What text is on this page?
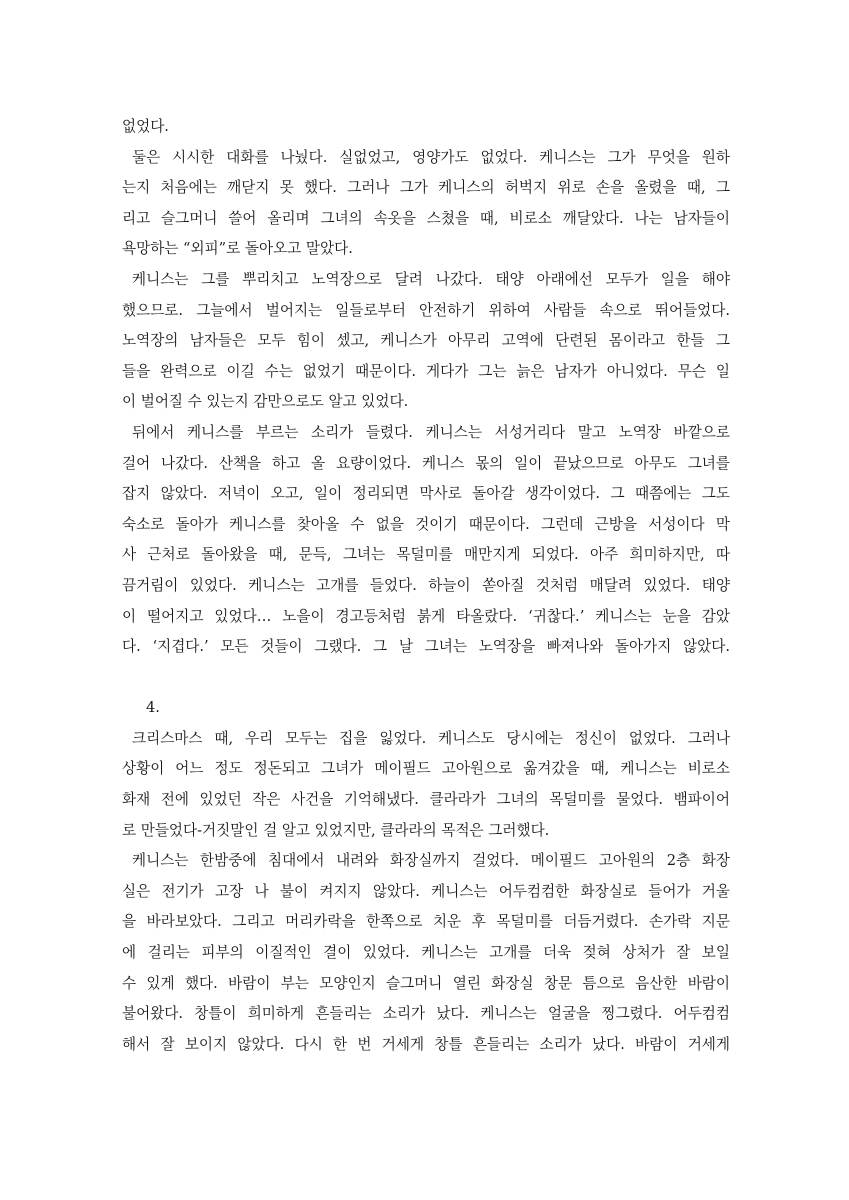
없었다.
둘은 시시한 대화를 나눴다. 실없었고, 영양가도 없었다. 케니스는 그가 무엇을 원하
는지 처음에는 깨닫지 못 했다. 그러나 그가 케니스의 허벅지 위로 손을 올렸을 때, 그
리고 슬그머니 쓸어 올리며 그녀의 속옷을 스쳤을 때, 비로소 깨달았다. 나는 남자들이
욕망하는 “외피”로 돌아오고 말았다.
케니스는 그를 뿌리치고 노역장으로 달려 나갔다. 태양 아래에선 모두가 일을 해야
했으므로. 그늘에서 벌어지는 일들로부터 안전하기 위하여 사람들 속으로 뛰어들었다.
노역장의 남자들은 모두 힘이 셌고, 케니스가 아무리 고역에 단련된 몸이라고 한들 그
들을 완력으로 이길 수는 없었기 때문이다. 게다가 그는 늙은 남자가 아니었다. 무슨 일
이 벌어질 수 있는지 감만으로도 알고 있었다.
뒤에서 케니스를 부르는 소리가 들렸다. 케니스는 서성거리다 말고 노역장 바깥으로
걸어 나갔다. 산책을 하고 올 요량이었다. 케니스 몫의 일이 끝났으므로 아무도 그녀를
잡지 않았다. 저녁이 오고, 일이 정리되면 막사로 돌아갈 생각이었다. 그 때쯤에는 그도
숙소로 돌아가 케니스를 찾아올 수 없을 것이기 때문이다. 그런데 근방을 서성이다 막
사 근처로 돌아왔을 때, 문득, 그녀는 목덜미를 매만지게 되었다. 아주 희미하지만, 따
끔거림이 있었다. 케니스는 고개를 들었다. 하늘이 쏟아질 것처럼 매달려 있었다. 태양
이 떨어지고 있었다… 노을이 경고등처럼 붉게 타올랐다. ‘귀찮다.’ 케니스는 눈을 감았
다. ‘지겹다.’ 모든 것들이 그랬다. 그 날 그녀는 노역장을 빠져나와 돌아가지 않았다.
4.
크리스마스 때, 우리 모두는 집을 잃었다. 케니스도 당시에는 정신이 없었다. 그러나
상황이 어느 정도 정돈되고 그녀가 메이필드 고아원으로 옮겨갔을 때, 케니스는 비로소
화재 전에 있었던 작은 사건을 기억해냈다. 클라라가 그녀의 목덜미를 물었다. 뱀파이어
로 만들었다-거짓말인 걸 알고 있었지만, 클라라의 목적은 그러했다.
케니스는 한밤중에 침대에서 내려와 화장실까지 걸었다. 메이필드 고아원의 2층 화장
실은 전기가 고장 나 불이 켜지지 않았다. 케니스는 어두컴컴한 화장실로 들어가 거울
을 바라보았다. 그리고 머리카락을 한쪽으로 치운 후 목덜미를 더듬거렸다. 손가락 지문
에 걸리는 피부의 이질적인 결이 있었다. 케니스는 고개를 더욱 젖혀 상처가 잘 보일
수 있게 했다. 바람이 부는 모양인지 슬그머니 열린 화장실 창문 틈으로 음산한 바람이
불어왔다. 창틀이 희미하게 흔들리는 소리가 났다. 케니스는 얼굴을 찡그렸다. 어두컴컴
해서 잘 보이지 않았다. 다시 한 번 거세게 창틀 흔들리는 소리가 났다. 바람이 거세게
